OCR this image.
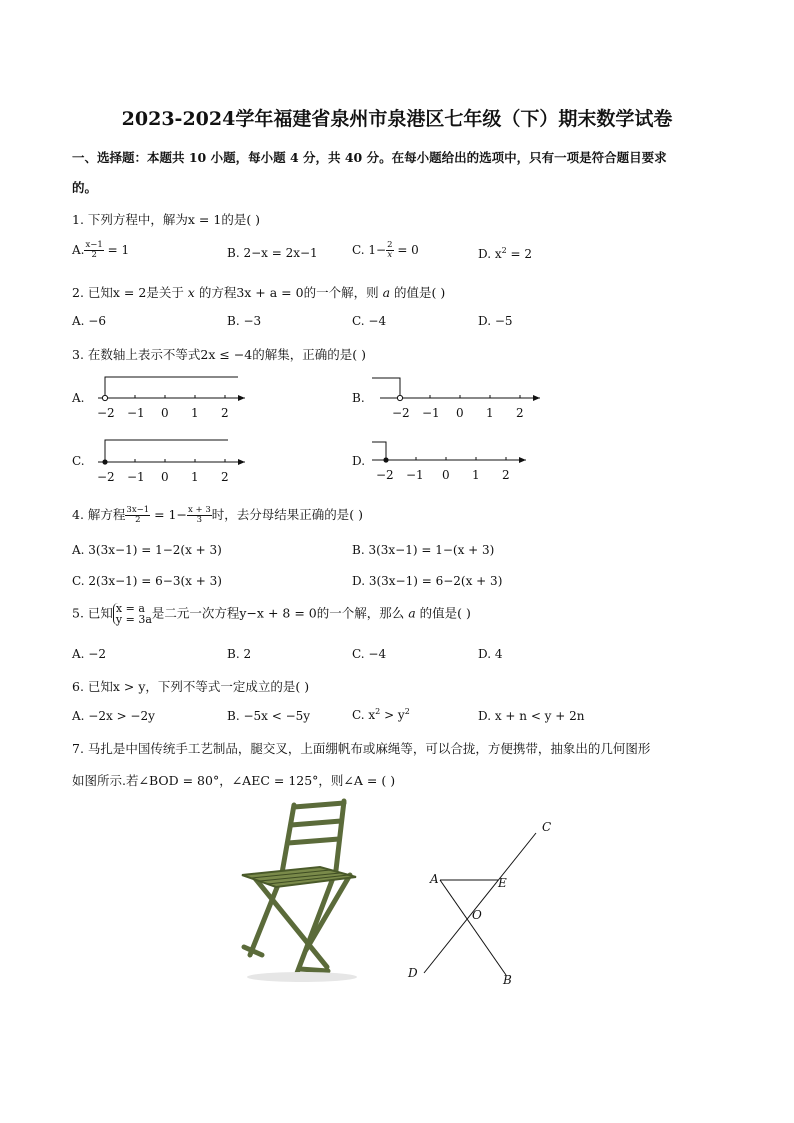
2023-2024学年福建省泉州市泉港区七年级（下）期末数学试卷
一、选择题：本题共 10 小题，每小题 4 分，共 40 分。在每小题给出的选项中，只有一项是符合题目要求
的。
1. 下列方程中，解为x = 1的是( )
A. $\frac{x-1}{2} = 1$	B. 2−x = 2x−1	C. $1- \frac{2}{x} = 0$	D. $x^2 = 2$
2. 已知x = 2是关于 x 的方程3x + a = 0的一个解，则 a 的值是( )
A. −6	B. −3	C. −4	D. −5
3. 在数轴上表示不等式2x ≤ −4的解集，正确的是( )
A.
−2 −1 0 1 2
B.
−2 −1 0 1 2
C.
−2 −1 0 1 2
D.
−2 −1 0 1 2
4. 解方程 $\frac{3x-1}{2} = 1- \frac{x + 3}{3}$ 时，去分母结果正确的是( )
A. 3(3x−1) = 1−2(x + 3)	B. 3(3x−1) = 1−(x + 3)
C. 2(3x−1) = 6−3(x + 3)	D. 3(3x−1) = 6−2(x + 3)
5. 已知 x = a
y = 3a 是二元一次方程y−x + 8 = 0的一个解，那么 a 的值是( )
A. −2	B. 2	C. −4	D. 4
6. 已知x > y，下列不等式一定成立的是( )
A. −2x > −2y	B. −5x < −5y	C. $x^2 > y^2$	D. x + n < y + 2n
7. 马扎是中国传统手工艺制品，腿交叉，上面绷帆布或麻绳等，可以合拢，方便携带，抽象出的几何图形
如图所示.若∠BOD = 80°，∠AEC = 125°，则∠A = ( )
A	E
C
O
D	B
